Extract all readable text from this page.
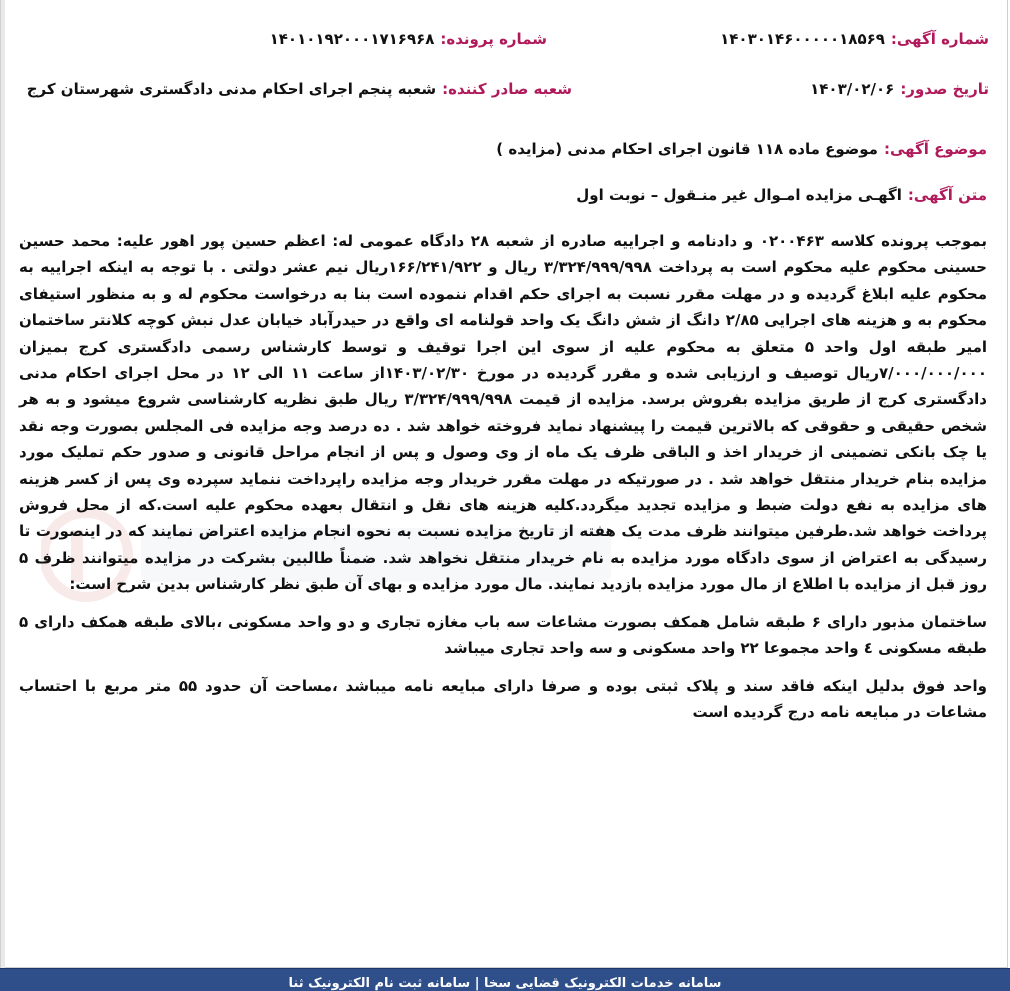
شماره آگهی:۱۴۰۳۰۱۴۶۰۰۰۰۰۱۸۵۶۹
شماره پرونده:۱۴۰۱۰۱۹۲۰۰۰۱۷۱۶۹۶۸
تاریخ صدور:۱۴۰۳/۰۲/۰۶
شعبه صادر کننده:شعبه پنجم اجرای احکام مدنی دادگستری شهرستان کرج
موضوع آگهی:موضوع ماده ۱۱۸ قانون اجرای احکام مدنی (مزایده )
متن آگهی:اگهـی مزایده امـوال غیر منـقول – نوبت اول

بموجب پرونده کلاسه ۰۲۰۰۴۶۳ و دادنامه و اجراییه صادره از شعبه ۲۸ دادگاه عمومی له: اعظم حسین پور اهور علیه: محمد حسین حسینی محکوم علیه محکوم است به پرداخت ۳/۳۲۴/۹۹۹/۹۹۸ ریال و ۱۶۶/۲۴۱/۹۲۲ریال نیم عشر دولتی . با توجه به اینکه اجراییه به محکوم علیه ابلاغ گردیده و در مهلت مقرر نسبت به اجرای حکم اقدام ننموده است بنا به درخواست محکوم له و به منظور استیفای محکوم به و هزینه های اجرایی ۲/۸۵ دانگ از شش دانگ یک واحد قولنامه ای واقع در حیدرآباد خیابان عدل نبش کوچه کلانتر ساختمان امیر طبقه اول واحد ۵ متعلق به محکوم علیه از سوی این اجرا توقیف و توسط کارشناس رسمی دادگستری کرج بمیزان ۷/۰۰۰/۰۰۰/۰۰۰ریال توصیف و ارزیابی شده و مقرر گردیده در مورخ ۱۴۰۳/۰۲/۳۰از ساعت ۱۱ الی ۱۲ در محل اجرای احکام مدنی دادگستری کرج از طریق مزایده بفروش برسد. مزایده از قیمت ۳/۳۲۴/۹۹۹/۹۹۸ ریال طبق نظریه کارشناسی شروع میشود و به هر شخص حقیقی و حقوقی که بالاترین قیمت را پیشنهاد نماید فروخته خواهد شد . ده درصد وجه مزایده فی المجلس بصورت وجه نقد یا چک بانکی تضمینی از خریدار اخذ و الباقی ظرف یک ماه از وی وصول و پس از انجام مراحل قانونی و صدور حکم تملیک مورد مزایده بنام خریدار منتقل خواهد شد . در صورتیکه در مهلت مقرر خریدار وجه مزایده راپرداخت ننماید سپرده وی پس از کسر هزینه های مزایده به نفع دولت ضبط و مزایده تجدید میگردد.کلیه هزینه های نقل و انتقال بعهده محکوم علیه است.که از محل فروش پرداخت خواهد شد.طرفین میتوانند ظرف مدت یک هفته از تاریخ مزایده نسبت به نحوه انجام مزایده اعتراض نمایند که در اینصورت تا رسیدگی به اعتراض از سوی دادگاه مورد مزایده به نام خریدار منتقل نخواهد شد. ضمناً طالبین بشرکت در مزایده میتوانند ظرف ۵ روز قبل از مزایده با اطلاع از مال مورد مزایده بازدید نمایند. مال مورد مزایده و بهای آن طبق نظر کارشناس بدین شرح است:

ساختمان مذبور دارای ۶ طبقه شامل همکف بصورت مشاعات سه باب مغازه تجاری و دو واحد مسکونی ،بالای طبقه همکف دارای ۵ طبقه مسکونی ٤ واحد مجموعا ۲۲ واحد مسکونی و سه واحد تجاری میباشد

واحد فوق بدلیل اینکه فاقد سند و پلاک ثبتی بوده و صرفا دارای مبایعه نامه میباشد ،مساحت آن حدود ۵۵ متر مربع با احتساب مشاعات در مبایعه نامه درج گردیده است

سامانه خدمات الکترونیک قضایی سخا | سامانه ثبت نام الکترونیک ثنا
